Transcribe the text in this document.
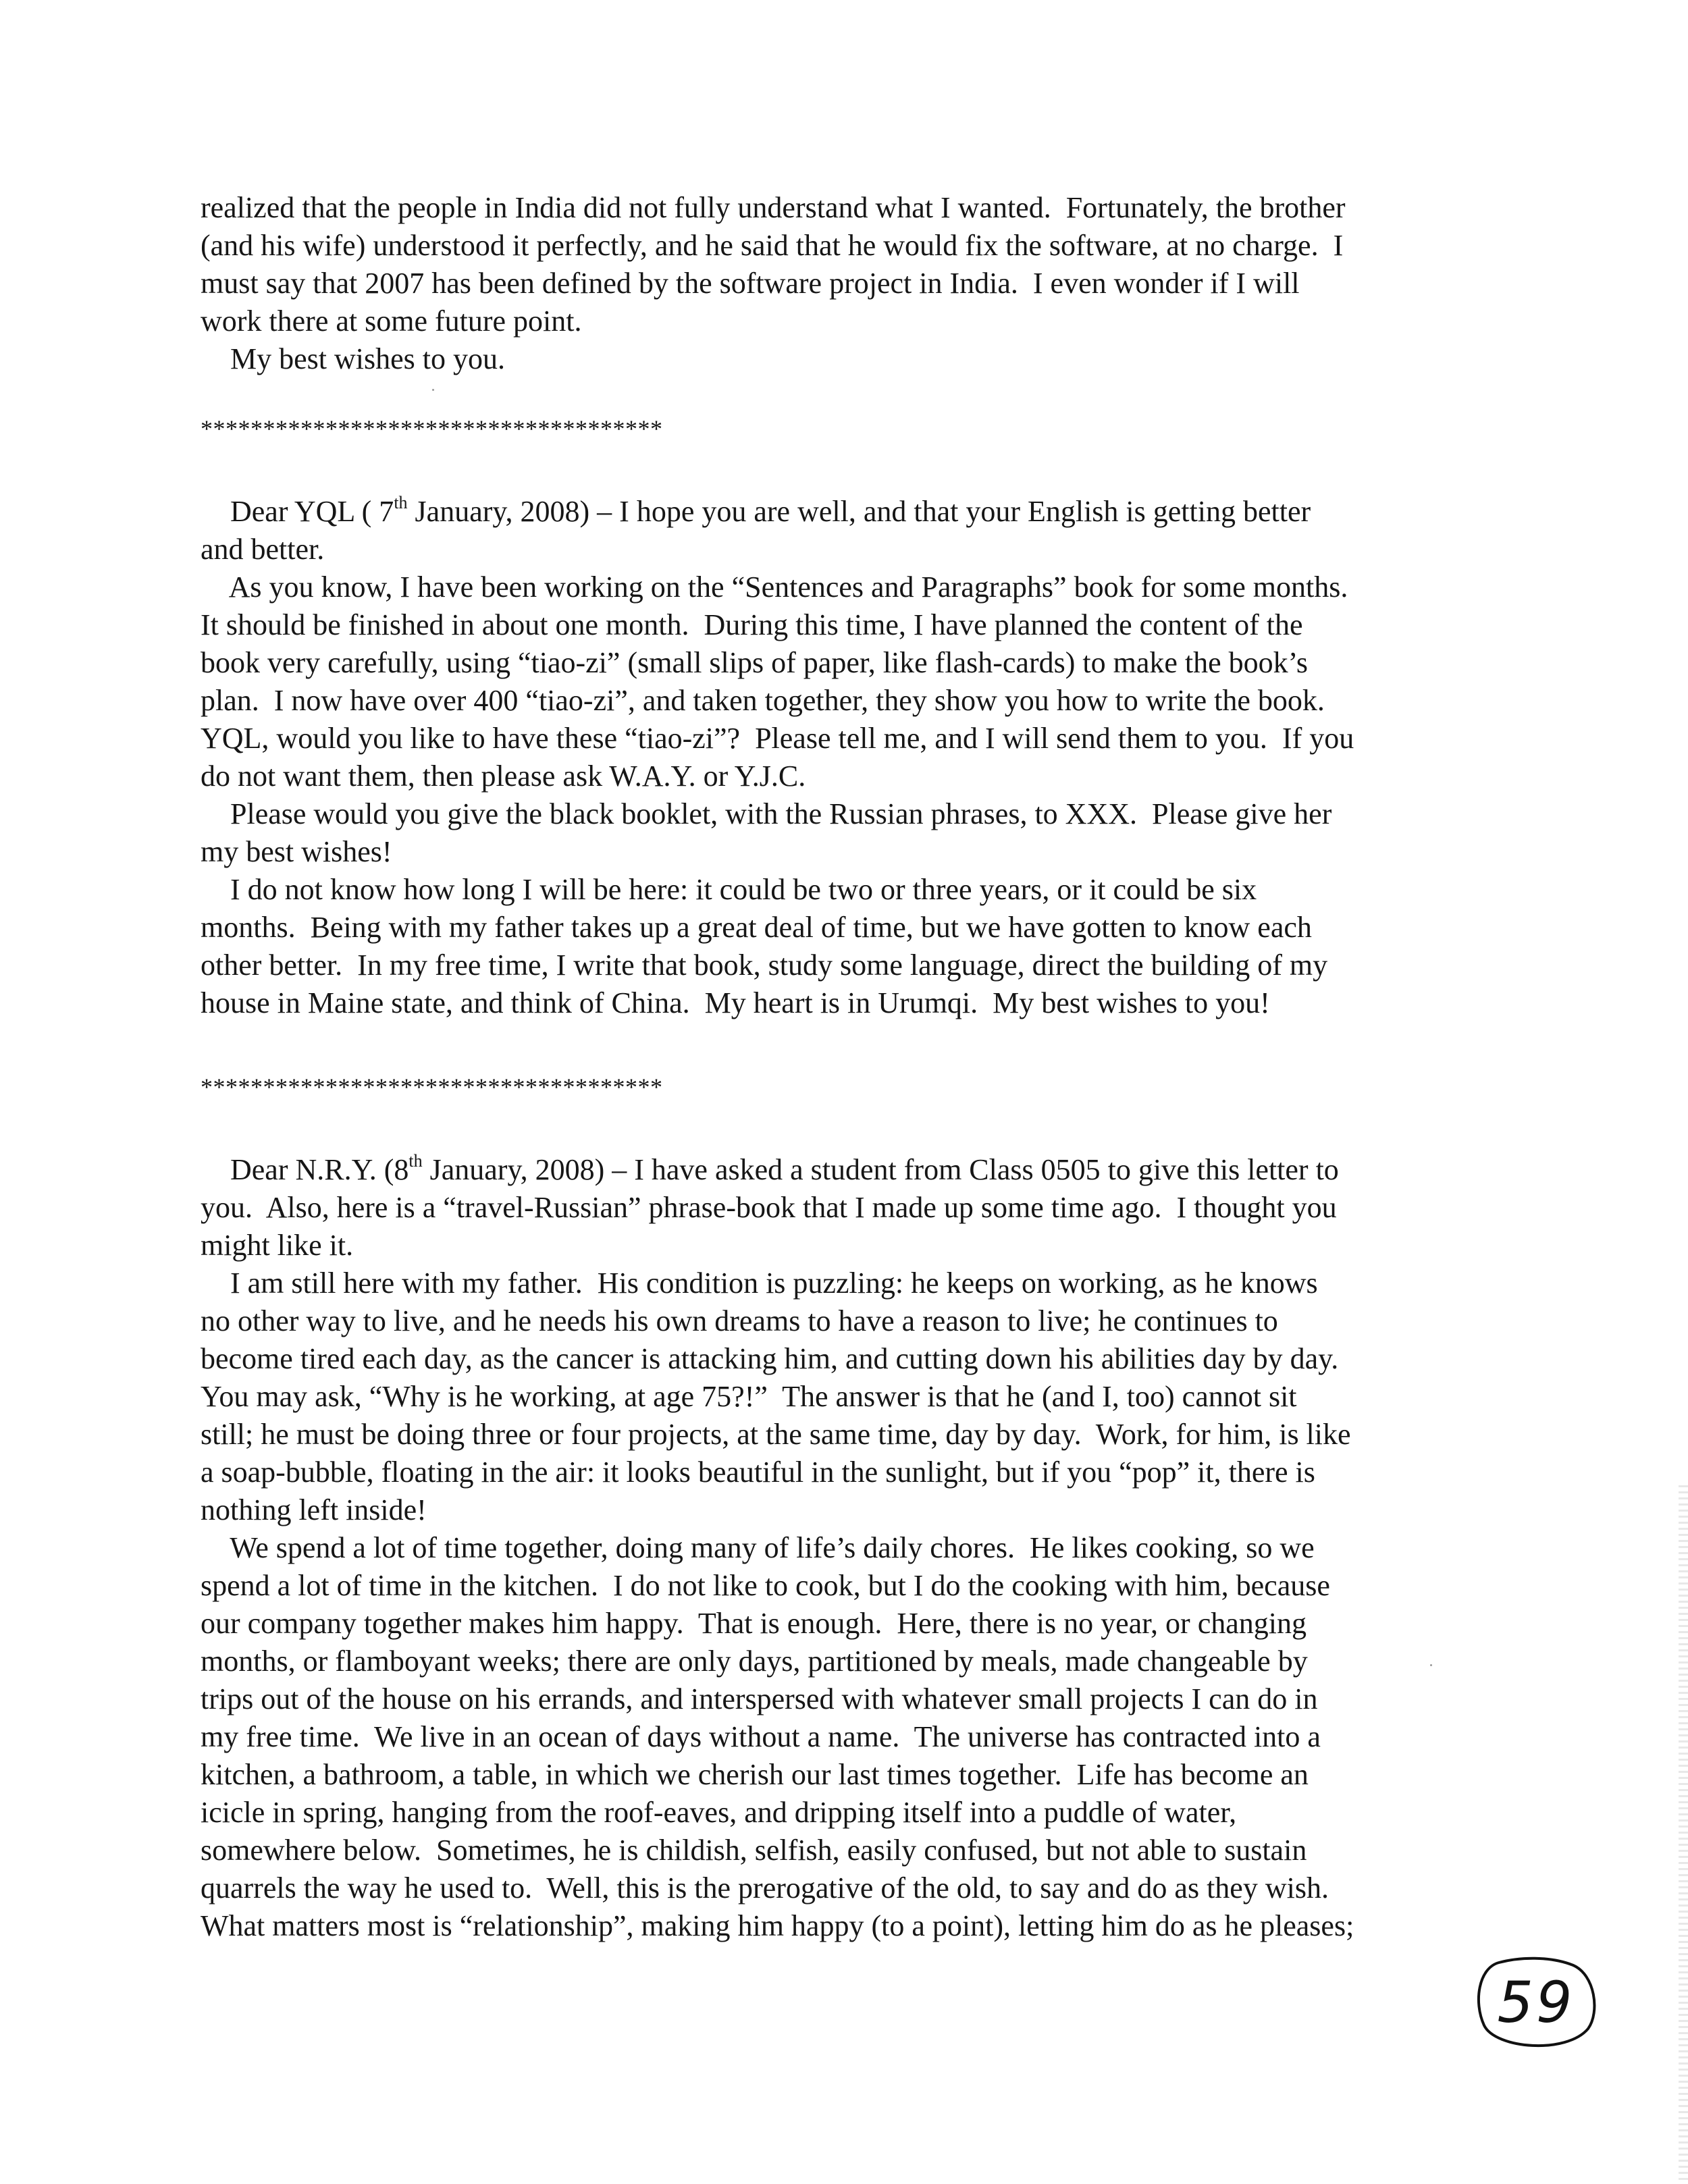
realized that the people in India did not fully understand what I wanted.  Fortunately, the brother
(and his wife) understood it perfectly, and he said that he would fix the software, at no charge.  I
must say that 2007 has been defined by the software project in India.  I even wonder if I will
work there at some future point.
My best wishes to you.
*************************************
Dear YQL ( 7th January, 2008) – I hope you are well, and that your English is getting better
and better.
As you know, I have been working on the “Sentences and Paragraphs” book for some months.
It should be finished in about one month.  During this time, I have planned the content of the
book very carefully, using “tiao-zi” (small slips of paper, like flash-cards) to make the book’s
plan.  I now have over 400 “tiao-zi”, and taken together, they show you how to write the book.
YQL, would you like to have these “tiao-zi”?  Please tell me, and I will send them to you.  If you
do not want them, then please ask W.A.Y. or Y.J.C.
Please would you give the black booklet, with the Russian phrases, to XXX.  Please give her
my best wishes!
I do not know how long I will be here: it could be two or three years, or it could be six
months.  Being with my father takes up a great deal of time, but we have gotten to know each
other better.  In my free time, I write that book, study some language, direct the building of my
house in Maine state, and think of China.  My heart is in Urumqi.  My best wishes to you!
*************************************
Dear N.R.Y. (8th January, 2008) – I have asked a student from Class 0505 to give this letter to
you.  Also, here is a “travel-Russian” phrase-book that I made up some time ago.  I thought you
might like it.
I am still here with my father.  His condition is puzzling: he keeps on working, as he knows
no other way to live, and he needs his own dreams to have a reason to live; he continues to
become tired each day, as the cancer is attacking him, and cutting down his abilities day by day.
You may ask, “Why is he working, at age 75?!”  The answer is that he (and I, too) cannot sit
still; he must be doing three or four projects, at the same time, day by day.  Work, for him, is like
a soap-bubble, floating in the air: it looks beautiful in the sunlight, but if you “pop” it, there is
nothing left inside!
We spend a lot of time together, doing many of life’s daily chores.  He likes cooking, so we
spend a lot of time in the kitchen.  I do not like to cook, but I do the cooking with him, because
our company together makes him happy.  That is enough.  Here, there is no year, or changing
months, or flamboyant weeks; there are only days, partitioned by meals, made changeable by
trips out of the house on his errands, and interspersed with whatever small projects I can do in
my free time.  We live in an ocean of days without a name.  The universe has contracted into a
kitchen, a bathroom, a table, in which we cherish our last times together.  Life has become an
icicle in spring, hanging from the roof-eaves, and dripping itself into a puddle of water,
somewhere below.  Sometimes, he is childish, selfish, easily confused, but not able to sustain
quarrels the way he used to.  Well, this is the prerogative of the old, to say and do as they wish.
What matters most is “relationship”, making him happy (to a point), letting him do as he pleases;
59
